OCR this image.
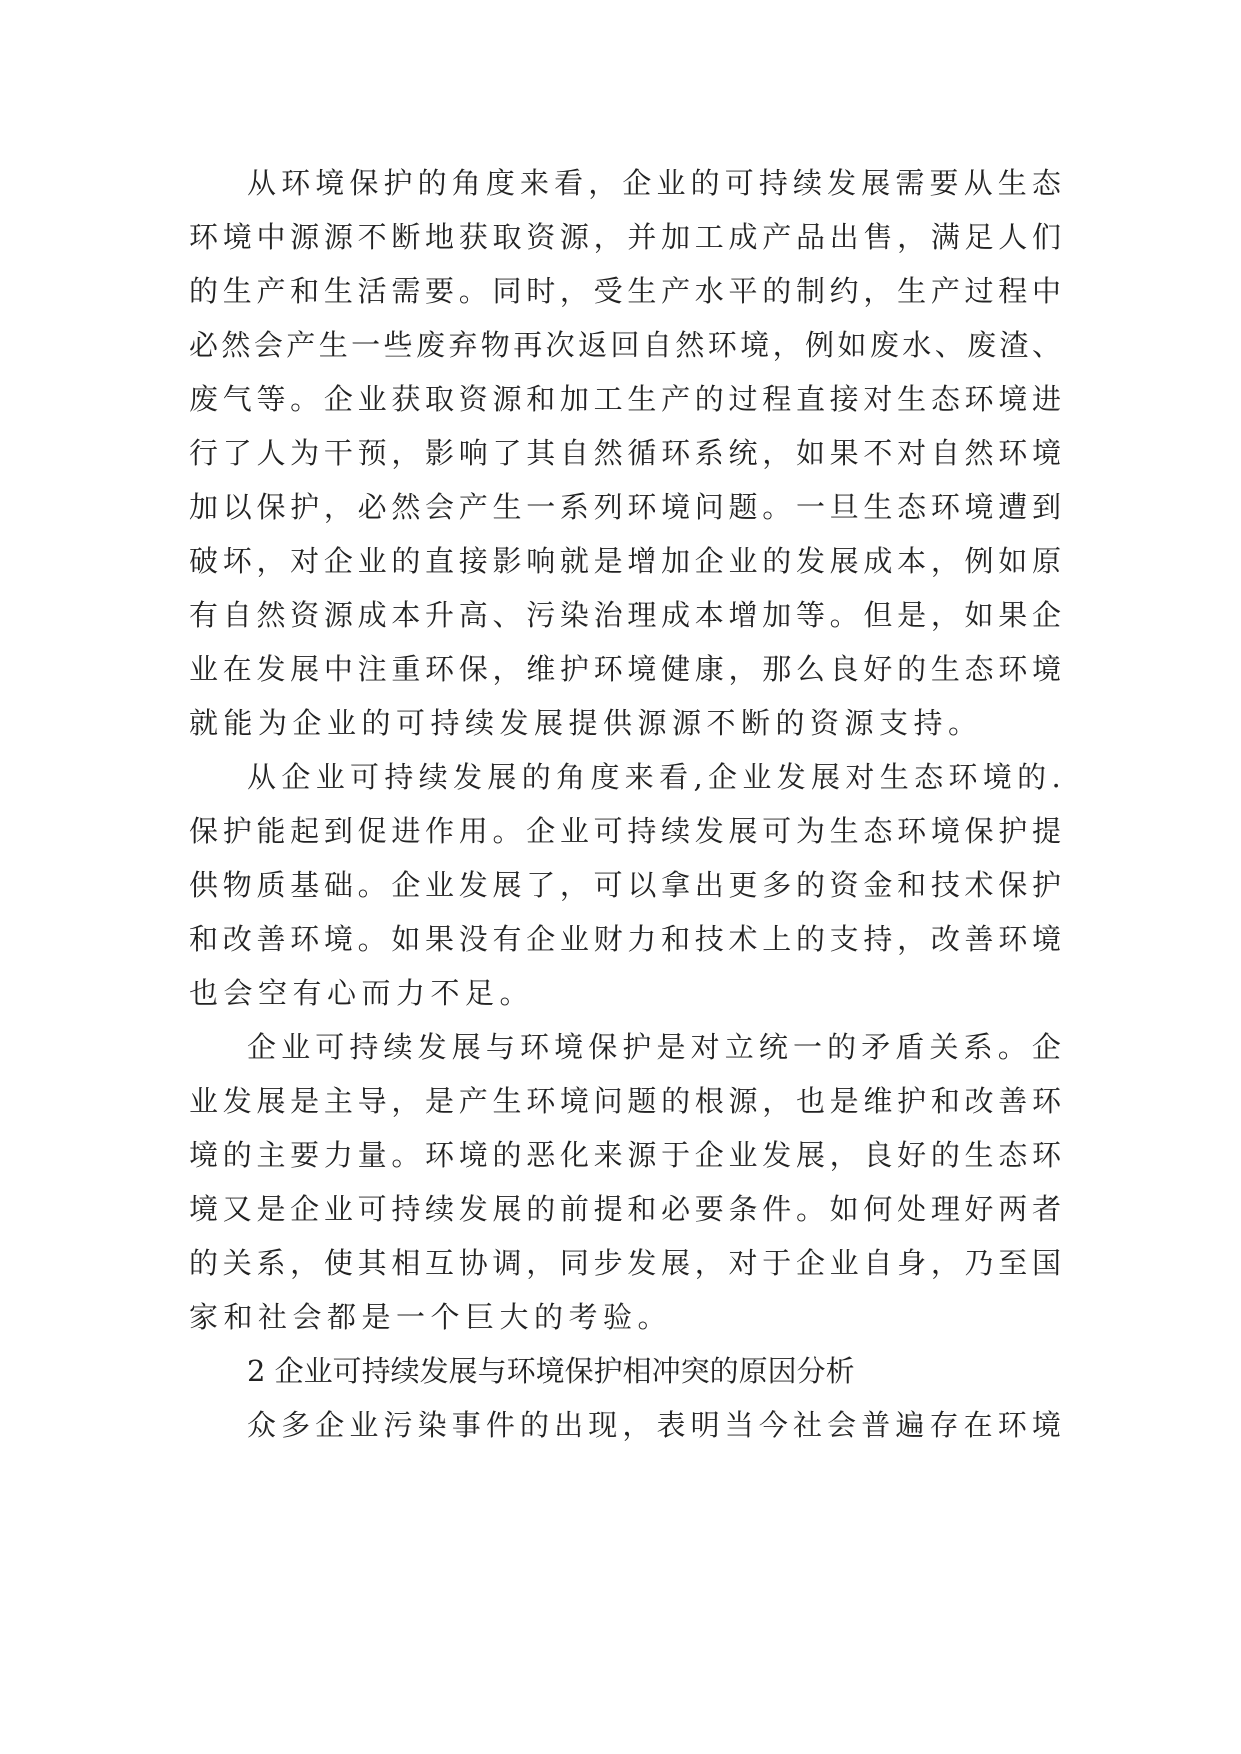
从 环 境 保 护 的 角 度 来 看 ， 企 业 的 可 持 续 发 展 需 要 从 生 态
环 境 中 源 源 不 断 地 获 取 资 源 ， 并 加 工 成 产 品 出 售 ， 满 足 人 们
的 生 产 和 生 活 需 要 。 同 时 ， 受 生 产 水 平 的 制 约 ， 生 产 过 程 中
必 然 会 产 生 一 些 废 弃 物 再 次 返 回 自 然 环 境 ， 例 如 废 水 、 废 渣 、
废 气 等 。 企 业 获 取 资 源 和 加 工 生 产 的 过 程 直 接 对 生 态 环 境 进
行 了 人 为 干 预 ， 影 响 了 其 自 然 循 环 系 统 ， 如 果 不 对 自 然 环 境
加 以 保 护 ， 必 然 会 产 生 一 系 列 环 境 问 题 。 一 旦 生 态 环 境 遭 到
破 坏 ， 对 企 业 的 直 接 影 响 就 是 增 加 企 业 的 发 展 成 本 ， 例 如 原
有 自 然 资 源 成 本 升 高 、 污 染 治 理 成 本 增 加 等 。 但 是 ， 如 果 企
业 在 发 展 中 注 重 环 保 ， 维 护 环 境 健 康 ， 那 么 良 好 的 生 态 环 境
就能为企业的可持续发展提供源源不断的资源支持。
从 企 业 可 持 续 发 展 的 角 度 来 看 , 企 业 发 展 对 生 态 环 境 的 .
保 护 能 起 到 促 进 作 用 。 企 业 可 持 续 发 展 可 为 生 态 环 境 保 护 提
供 物 质 基 础 。 企 业 发 展 了 ， 可 以 拿 出 更 多 的 资 金 和 技 术 保 护
和 改 善 环 境 。 如 果 没 有 企 业 财 力 和 技 术 上 的 支 持 ， 改 善 环 境
也会空有心而力不足。
企 业 可 持 续 发 展 与 环 境 保 护 是 对 立 统 一 的 矛 盾 关 系 。 企
业 发 展 是 主 导 ， 是 产 生 环 境 问 题 的 根 源 ， 也 是 维 护 和 改 善 环
境 的 主 要 力 量 。 环 境 的 恶 化 来 源 于 企 业 发 展 ， 良 好 的 生 态 环
境 又 是 企 业 可 持 续 发 展 的 前 提 和 必 要 条 件 。 如 何 处 理 好 两 者
的 关 系 ， 使 其 相 互 协 调 ， 同 步 发 展 ， 对 于 企 业 自 身 ， 乃 至 国
家和社会都是一个巨大的考验。
2 企业可持续发展与环境保护相冲突的原因分析
众 多 企 业 污 染 事 件 的 出 现 ， 表 明 当 今 社 会 普 遍 存 在 环 境
